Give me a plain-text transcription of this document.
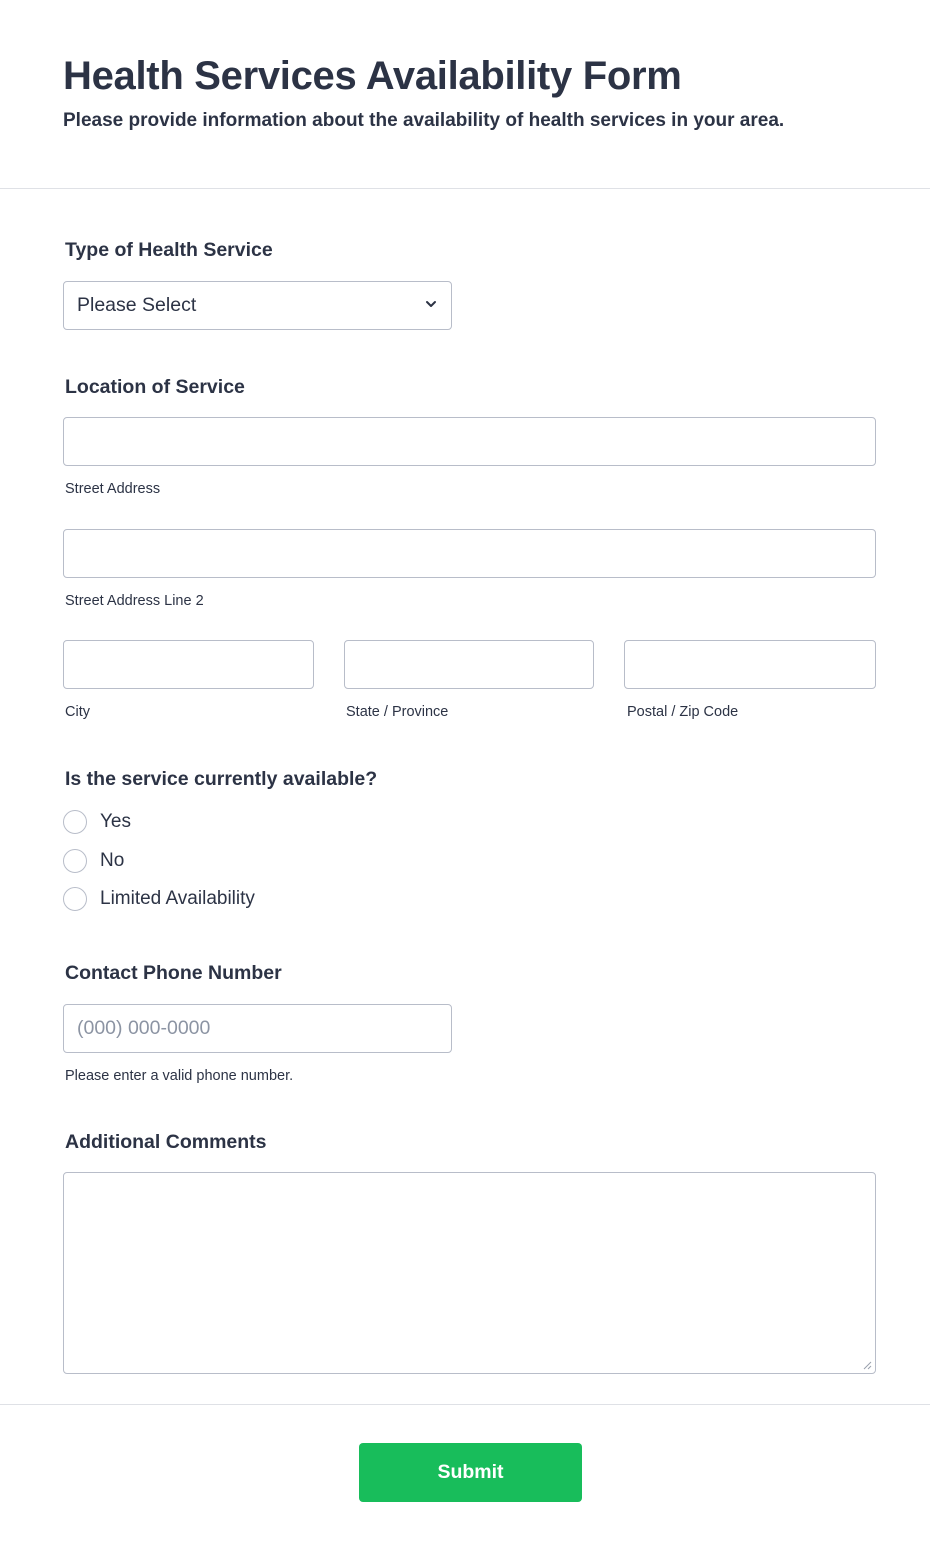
Health Services Availability Form
Please provide information about the availability of health services in your area.
Type of Health Service
Please Select
Location of Service
Street Address
Street Address Line 2
City	State / Province	Postal / Zip Code
Is the service currently available?
Yes
No
Limited Availability
Contact Phone Number
(000) 000-0000
Please enter a valid phone number.
Additional Comments
Submit
